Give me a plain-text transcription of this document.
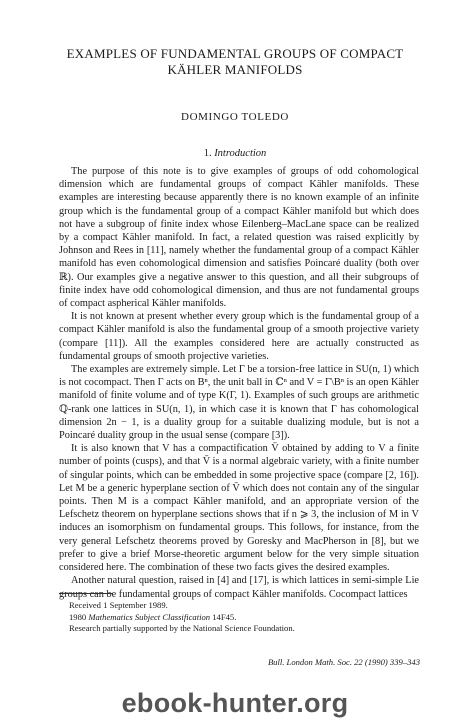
EXAMPLES OF FUNDAMENTAL GROUPS OF COMPACT
KÄHLER MANIFOLDS
DOMINGO TOLEDO
1. Introduction

The purpose of this note is to give examples of groups of odd cohomological dimension which are fundamental groups of compact Kähler manifolds. These examples are interesting because apparently there is no known example of an infinite group which is the fundamental group of a compact Kähler manifold but which does not have a subgroup of finite index whose Eilenberg–MacLane space can be realized by a compact Kähler manifold. In fact, a related question was raised explicitly by Johnson and Rees in [11], namely whether the fundamental group of a compact Kähler manifold has even cohomological dimension and satisfies Poincaré duality (both over ℝ). Our examples give a negative answer to this question, and all their subgroups of finite index have odd cohomological dimension, and thus are not fundamental groups of compact aspherical Kähler manifolds.

It is not known at present whether every group which is the fundamental group of a compact Kähler manifold is also the fundamental group of a smooth projective variety (compare [11]). All the examples considered here are actually constructed as fundamental groups of smooth projective varieties.

The examples are extremely simple. Let Γ be a torsion-free lattice in SU(n, 1) which is not cocompact. Then Γ acts on Bⁿ, the unit ball in ℂⁿ and V = Γ\Bⁿ is an open Kähler manifold of finite volume and of type K(Γ, 1). Examples of such groups are arithmetic ℚ-rank one lattices in SU(n, 1), in which case it is known that Γ has cohomological dimension 2n − 1, is a duality group for a suitable dualizing module, but is not a Poincaré duality group in the usual sense (compare [3]).

It is also known that V has a compactification V̄ obtained by adding to V a finite number of points (cusps), and that V̄ is a normal algebraic variety, with a finite number of singular points, which can be embedded in some projective space (compare [2, 16]). Let M be a generic hyperplane section of V̄ which does not contain any of the singular points. Then M is a compact Kähler manifold, and an appropriate version of the Lefschetz theorem on hyperplane sections shows that if n ⩾ 3, the inclusion of M in V induces an isomorphism on fundamental groups. This follows, for instance, from the very general Lefschetz theorems proved by Goresky and MacPherson in [8], but we prefer to give a brief Morse-theoretic argument below for the very simple situation considered here. The combination of these two facts gives the desired examples.

Another natural question, raised in [4] and [17], is which lattices in semi-simple Lie groups can be fundamental groups of compact Kähler manifolds. Cocompact lattices

Received 1 September 1989.
1980 Mathematics Subject Classification 14F45.
Research partially supported by the National Science Foundation.
Bull. London Math. Soc. 22 (1990) 339–343
ebook-hunter.org
